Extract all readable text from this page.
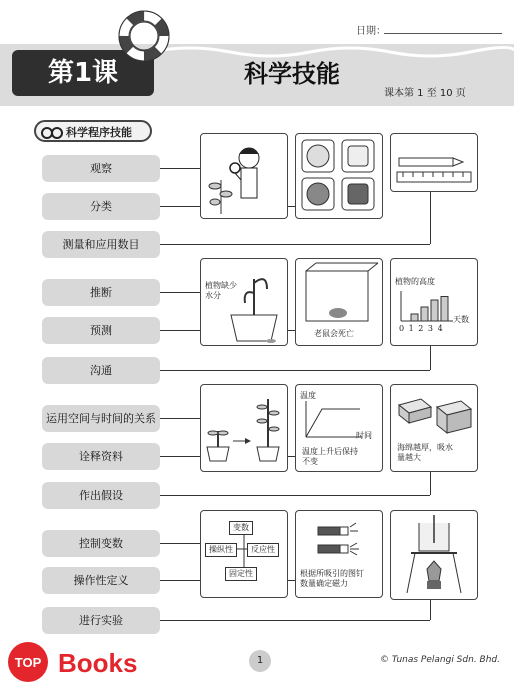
日期：
第1课	科学技能
课本第 1 至 10 页
科学程序技能
观察
分类
测量和应用数目
推断
预测
沟通
运用空间与时间的关系
诠释资料
作出假设
控制变数
操作性定义
进行实验
植物缺少
水分
老鼠会死亡
植物的高度
0 1 2 3 4
天数
温度
时间
温度上升后保持
不变
海绵越厚，吸水
量越大
变数
操纵性	反应性
固定性	根据所吸引的图钉
数量确定磁力
1	© Tunas Pelangi Sdn. Bhd.
TOP Books
